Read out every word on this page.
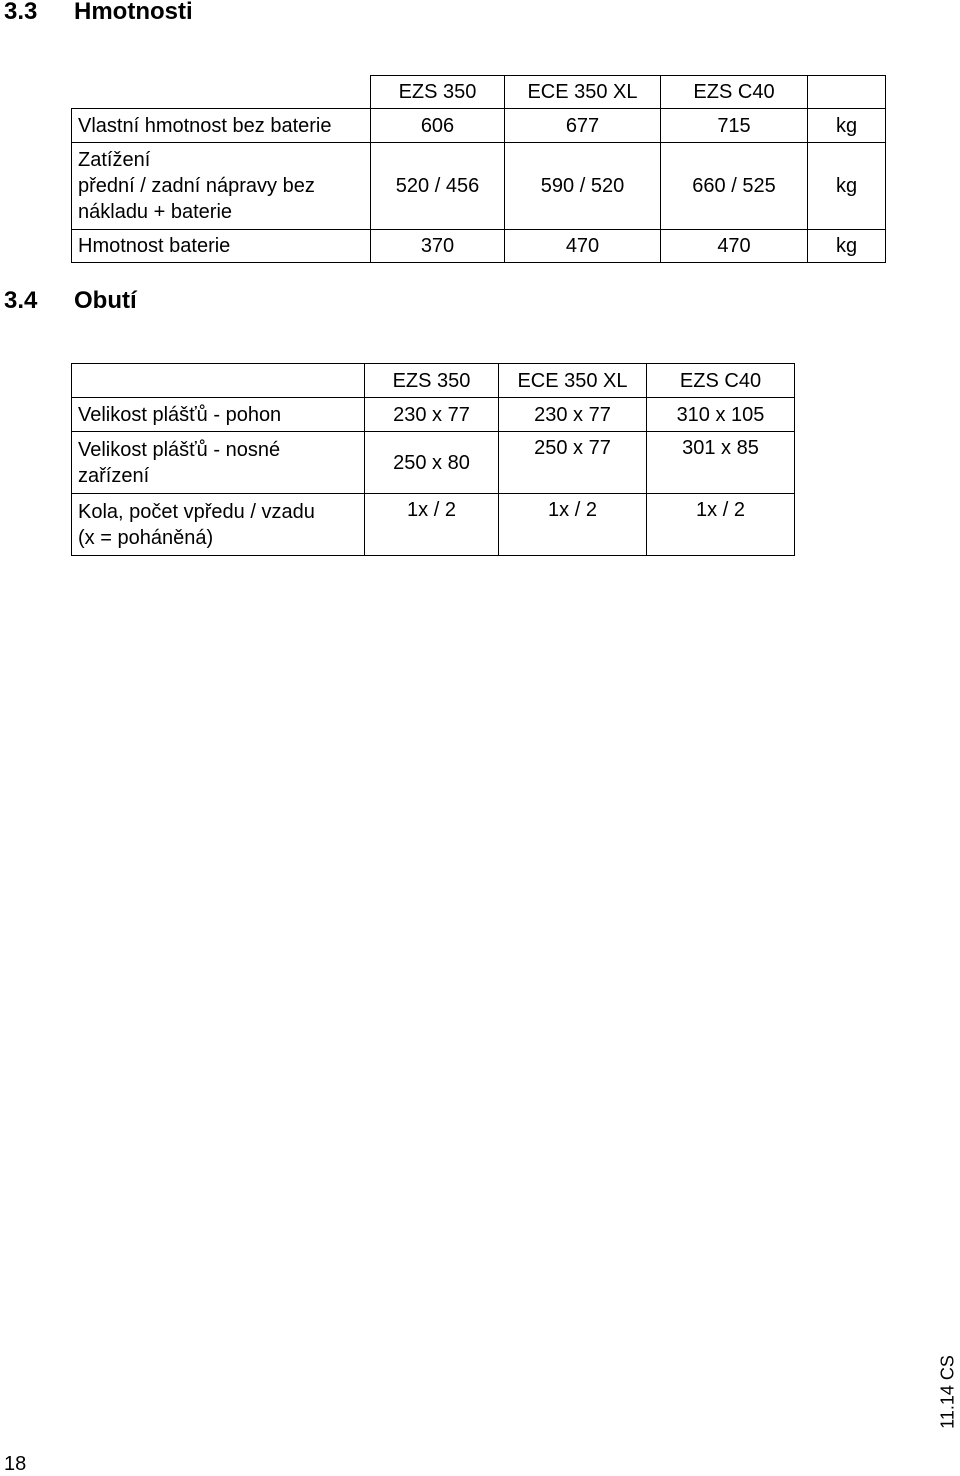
3.3 Hmotnosti
	EZS 350	ECE 350 XL	EZS C40	
Vlastní hmotnost bez baterie	606	677	715	kg
Zatížení
přední / zadní nápravy bez
nákladu + baterie	520 / 456	590 / 520	660 / 525	kg
Hmotnost baterie	370	470	470	kg
3.4 Obutí
	EZS 350	ECE 350 XL	EZS C40
Velikost plášťů - pohon	230 x 77	230 x 77	310 x 105
Velikost plášťů - nosné
zařízení	250 x 80	250 x 77	301 x 85
Kola, počet vpředu / vzadu
(x = poháněná)	1x / 2	1x / 2	1x / 2
11.14 CS
18
